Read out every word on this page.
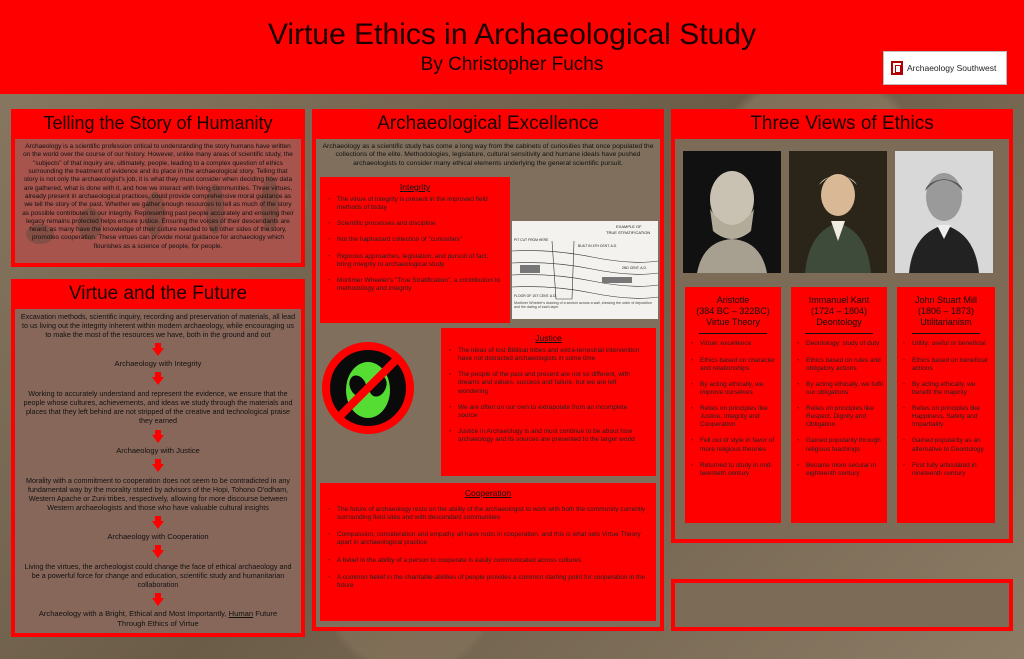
Virtue Ethics in Archaeological Study
By Christopher Fuchs	Archaeology Southwest
Telling the Story of Humanity
Archaeology is a scientific profession critical to understanding the story humans have written on the world over the course of our history. However, unlike many areas of scientific study, the "subjects" of that inquiry are, ultimately, people, leading to a complex question of ethics surrounding the treatment of evidence and its place in the archaeological story. Telling that story is not only the archaeologist's job, it is what they must consider when deciding how data are gathered, what is done with it, and how we interact with living communities. Three virtues, already present in archaeological practices, could provide comprehensive moral guidance as we tell the story of the past. Whether we gather enough resources to tell as much of the story as possible contributes to our integrity. Representing past people accurately and ensuring their legacy remains protected helps ensure justice. Ensuring the voices of their descendants are heard, as many have the knowledge of their culture needed to tell other sides of the story, promotes cooperation. These virtues can provide moral guidance for archaeology which flourishes as a science of people, for people.
Virtue and the Future
Excavation methods, scientific inquiry, recording and preservation of materials, all lead to us living out the integrity inherent within modern archaeology, while encouraging us to make the most of the resources we have, both in the ground and out
Archaeology with Integrity
Working to accurately understand and represent the evidence, we ensure that the people whose cultures, achievements, and ideas we study through the materials and places that they left behind are not stripped of the creative and technological praise they earned
Archaeology with Justice
Morality with a commitment to cooperation does not seem to be contradicted in any fundamental way by the morality stated by advisors of the Hopi, Tohono O'odham, Western Apache or Zuni tribes, respectively, allowing for more discourse between Western archaeologists and those who have valuable cultural insights
Archaeology with Cooperation
Living the virtues, the archeologist could change the face of ethical archaeology and be a powerful force for change and education, scientific study and humanitarian collaboration
Archaeology with a Bright, Ethical and Most Importantly, Human Future
Through Ethics of Virtue
Archaeological Excellence
Archaeology as a scientific study has come a long way from the cabinets of curiosities that once populated the collections of the elite. Methodologies, legislature, cultural sensitivity and humane ideals have pushed archaeologists to consider many ethical elements underlying the general scientific pursuit.
Integrity
• The virtue of integrity is present in the improved field methods of today
• Scientific processes and discipline
• Not the haphazard collection of "curiosities"
• Rigorous approaches, legislation, and pursuit of fact, bring integrity to archaeological study
• Mortimer Wheeler's "True Stratification", a contribution to methodology and integrity
EXAMPLE OF
TRUE STRATIFICATION
PIT CUT FROM HERE
BUILT IN 4TH CENT. A.D.
2ND CENT. A.D.
FLOOR OF 1ST CENT. A.D.
Mortimer Wheeler's drawing of a section across a wall, showing the order of deposition and the dating of each layer.
Justice
• The ideas of lost Biblical tribes and extra-terrestrial intervention have not distracted archaeologists in some time
• The people of the past and present are not so different, with dreams and values, success and failure, but we are left wondering
• We are often on our own to extrapolate from an incomplete source
• Justice in Archaeology is and must continue to be about how archaeology and its sources are presented to the larger world
Cooperation
• The future of archaeology rests on the ability of the archaeologist to work with both the community currently surrounding field sites and with descendant communities
• Compassion, consideration and empathy all have roots in cooperation, and this is what sets Virtue Theory apart in archaeological practice
• A belief in the ability of a person to cooperate is easily communicated across cultures
• A common belief in the charitable abilities of people provides a common starting point for cooperation in the future
Three Views of Ethics
Aristotle
(384 BC – 322BC)
Virtue Theory
• Virtue: excellence
• Ethics based on character and relationships
• By acting ethically, we improve ourselves
• Relies on principles like Justice, Integrity and Cooperation
• Fell out of style in favor of more religious theories
• Returned to study in mid-twentieth century
Immanuel Kant
(1724 – 1804)
Deontology
• Deontology: study of duty
• Ethics based on rules and obligatory actions
• By acting ethically, we fulfil our obligations
• Relies on principles like Respect, Dignity and Obligation
• Gained popularity through religious teachings
• Became more secular in eighteenth century
John Stuart Mill
(1806 – 1873)
Utilitarianism
• Utility: useful or beneficial
• Ethics based on beneficial actions
• By acting ethically, we benefit the majority
• Relies on principles like Happiness, Safety and Impartiality
• Gained popularity as an alternative to Deontology
• First fully articulated in nineteenth century
